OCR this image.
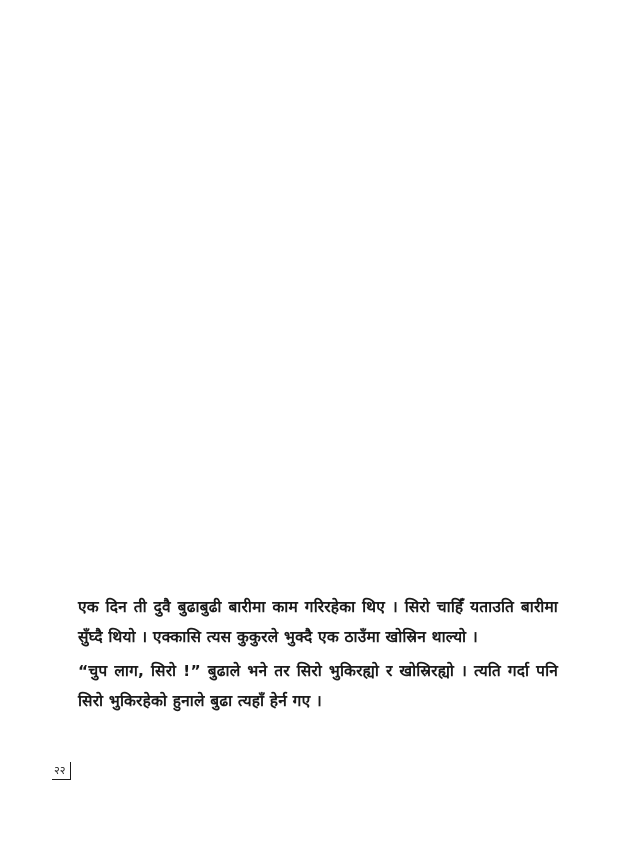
एक दिन ती दुवै बुढाबुढी बारीमा काम गरिरहेका थिए । सिरो चाहिँ यताउति बारीमा सुँघ्दै थियो । एक्कासि त्यस कुकुरले भुक्दै एक ठाउँमा खोस्रिन थाल्यो ।

“चुप लाग, सिरो !” बुढाले भने तर सिरो भुकिरह्यो र खोस्रिरह्यो । त्यति गर्दा पनि सिरो भुकिरहेको हुनाले बुढा त्यहाँ हेर्न गए ।

२२
